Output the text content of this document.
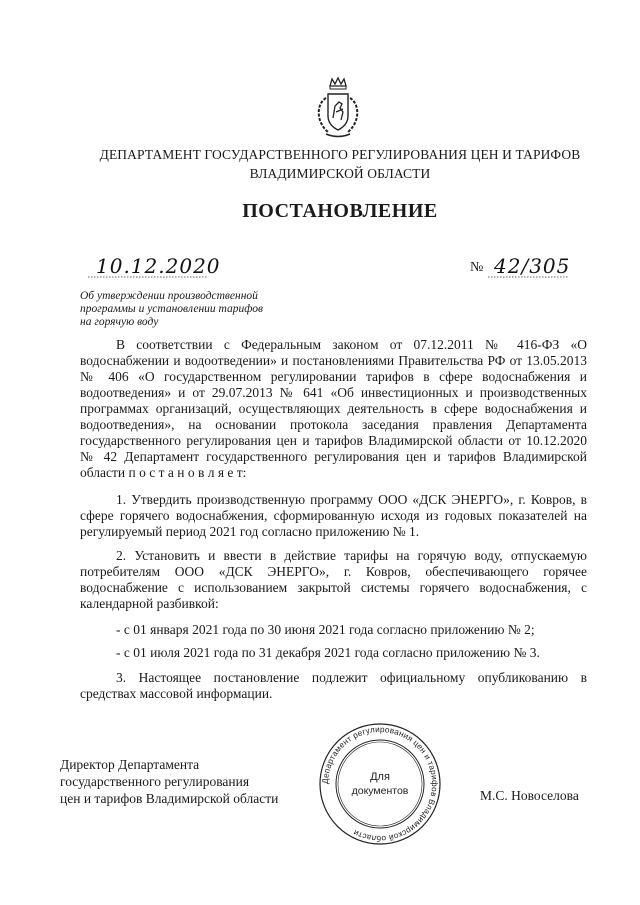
ДЕПАРТАМЕНТ ГОСУДАРСТВЕННОГО РЕГУЛИРОВАНИЯ ЦЕН И ТАРИФОВ
ВЛАДИМИРСКОЙ ОБЛАСТИ
ПОСТАНОВЛЕНИЕ
10.12.2020	№ 42/305
Об утверждении производственной
программы и установлении тарифов
на горячую воду
В соответствии с Федеральным законом от 07.12.2011 № 416-ФЗ «О водоснабжении и водоотведении» и постановлениями Правительства РФ от 13.05.2013 № 406 «О государственном регулировании тарифов в сфере водоснабжения и водоотведения» и от 29.07.2013 № 641 «Об инвестиционных и производственных программах организаций, осуществляющих деятельность в сфере водоснабжения и водоотведения», на основании протокола заседания правления Департамента государственного регулирования цен и тарифов Владимирской области от 10.12.2020 № 42 Департамент государственного регулирования цен и тарифов Владимирской области п о с т а н о в л я е т:
1. Утвердить производственную программу ООО «ДСК ЭНЕРГО», г. Ковров, в сфере горячего водоснабжения, сформированную исходя из годовых показателей на регулируемый период 2021 год согласно приложению № 1.
2. Установить и ввести в действие тарифы на горячую воду, отпускаемую потребителям ООО «ДСК ЭНЕРГО», г. Ковров, обеспечивающего горячее водоснабжение с использованием закрытой системы горячего водоснабжения, с календарной разбивкой:
- с 01 января 2021 года по 30 июня 2021 года согласно приложению № 2;
- с 01 июля 2021 года по 31 декабря 2021 года согласно приложению № 3.
3. Настоящее постановление подлежит официальному опубликованию в средствах массовой информации.
Директор Департамента
государственного регулирования
цен и тарифов Владимирской области
Департамент регулирования цен и тарифов Владимирской области
Для
документов	М.С. Новоселова
